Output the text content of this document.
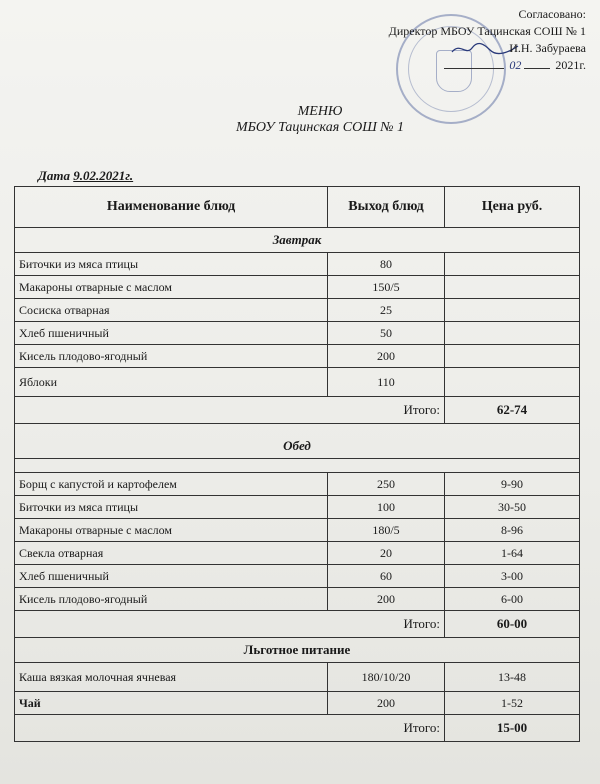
Согласовано:
Директор МБОУ Тацинская СОШ № 1
И.Н. Забураева
02	2021г.
МЕНЮ
МБОУ Тацинская СОШ № 1
Дата 9.02.2021г.
Наименование блюд	Выход блюд	Цена руб.
Завтрак		
Биточки из мяса птицы	80	
Макароны отварные с маслом	150/5	
Сосиска отварная	25	
Хлеб пшеничный	50	
Кисель плодово-ягодный	200	
Яблоки	110	
Итого:		62-74
Обед		

Борщ с капустой и картофелем	250	9-90
Биточки из мяса птицы	100	30-50
Макароны отварные с маслом	180/5	8-96
Свекла отварная	20	1-64
Хлеб пшеничный	60	3-00
Кисель плодово-ягодный	200	6-00
Итого:		60-00
Льготное питание		
Каша вязкая молочная ячневая	180/10/20	13-48
Чай	200	1-52
Итого:		15-00
